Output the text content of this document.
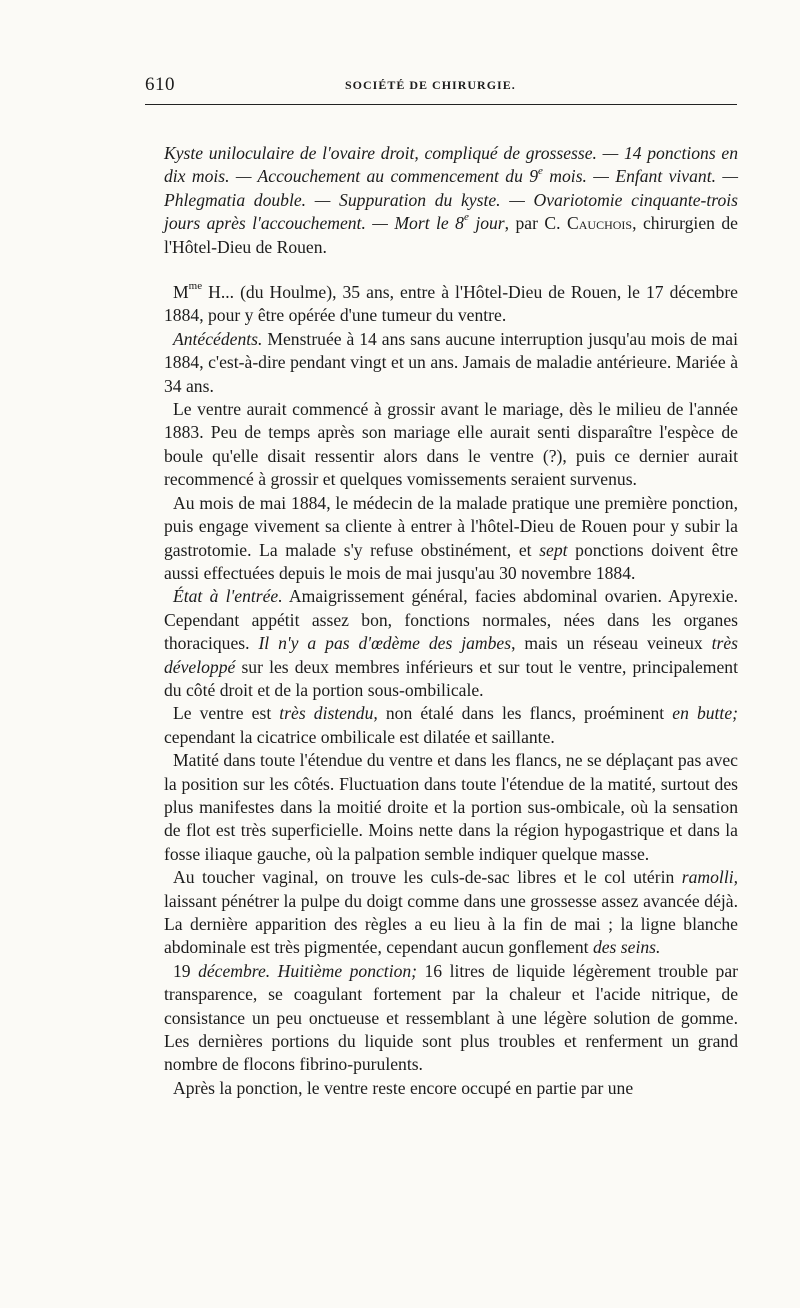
610	SOCIÉTÉ DE CHIRURGIE.

Kyste uniloculaire de l'ovaire droit, compliqué de grossesse. — 14 ponctions en dix mois. — Accouchement au commencement du 9e mois. — Enfant vivant. — Phlegmatia double. — Suppuration du kyste. — Ovariotomie cinquante-trois jours après l'accouchement. — Mort le 8e jour, par C. Cauchois, chirurgien de l'Hôtel-Dieu de Rouen.

$M^{me}$ H... (du Houlme), 35 ans, entre à l'Hôtel-Dieu de Rouen, le 17 décembre 1884, pour y être opérée d'une tumeur du ventre.

Antécédents. Menstruée à 14 ans sans aucune interruption jusqu'au mois de mai 1884, c'est-à-dire pendant vingt et un ans. Jamais de maladie antérieure. Mariée à 34 ans.

Le ventre aurait commencé à grossir avant le mariage, dès le milieu de l'année 1883. Peu de temps après son mariage elle aurait senti disparaître l'espèce de boule qu'elle disait ressentir alors dans le ventre (?), puis ce dernier aurait recommencé à grossir et quelques vomissements seraient survenus.

Au mois de mai 1884, le médecin de la malade pratique une première ponction, puis engage vivement sa cliente à entrer à l'hôtel-Dieu de Rouen pour y subir la gastrotomie. La malade s'y refuse obstinément, et sept ponctions doivent être aussi effectuées depuis le mois de mai jusqu'au 30 novembre 1884.

État à l'entrée. Amaigrissement général, facies abdominal ovarien. Apyrexie. Cependant appétit assez bon, fonctions normales, nées dans les organes thoraciques. Il n'y a pas d'œdème des jambes, mais un réseau veineux très développé sur les deux membres inférieurs et sur tout le ventre, principalement du côté droit et de la portion sous-ombilicale.

Le ventre est très distendu, non étalé dans les flancs, proéminent en butte; cependant la cicatrice ombilicale est dilatée et saillante.

Matité dans toute l'étendue du ventre et dans les flancs, ne se déplaçant pas avec la position sur les côtés. Fluctuation dans toute l'étendue de la matité, surtout des plus manifestes dans la moitié droite et la portion sus-ombicale, où la sensation de flot est très superficielle. Moins nette dans la région hypogastrique et dans la fosse iliaque gauche, où la palpation semble indiquer quelque masse.

Au toucher vaginal, on trouve les culs-de-sac libres et le col utérin ramolli, laissant pénétrer la pulpe du doigt comme dans une grossesse assez avancée déjà. La dernière apparition des règles a eu lieu à la fin de mai ; la ligne blanche abdominale est très pigmentée, cependant aucun gonflement des seins.

19 décembre. Huitième ponction; 16 litres de liquide légèrement trouble par transparence, se coagulant fortement par la chaleur et l'acide nitrique, de consistance un peu onctueuse et ressemblant à une légère solution de gomme. Les dernières portions du liquide sont plus troubles et renferment un grand nombre de flocons fibrino-purulents.

Après la ponction, le ventre reste encore occupé en partie par une
